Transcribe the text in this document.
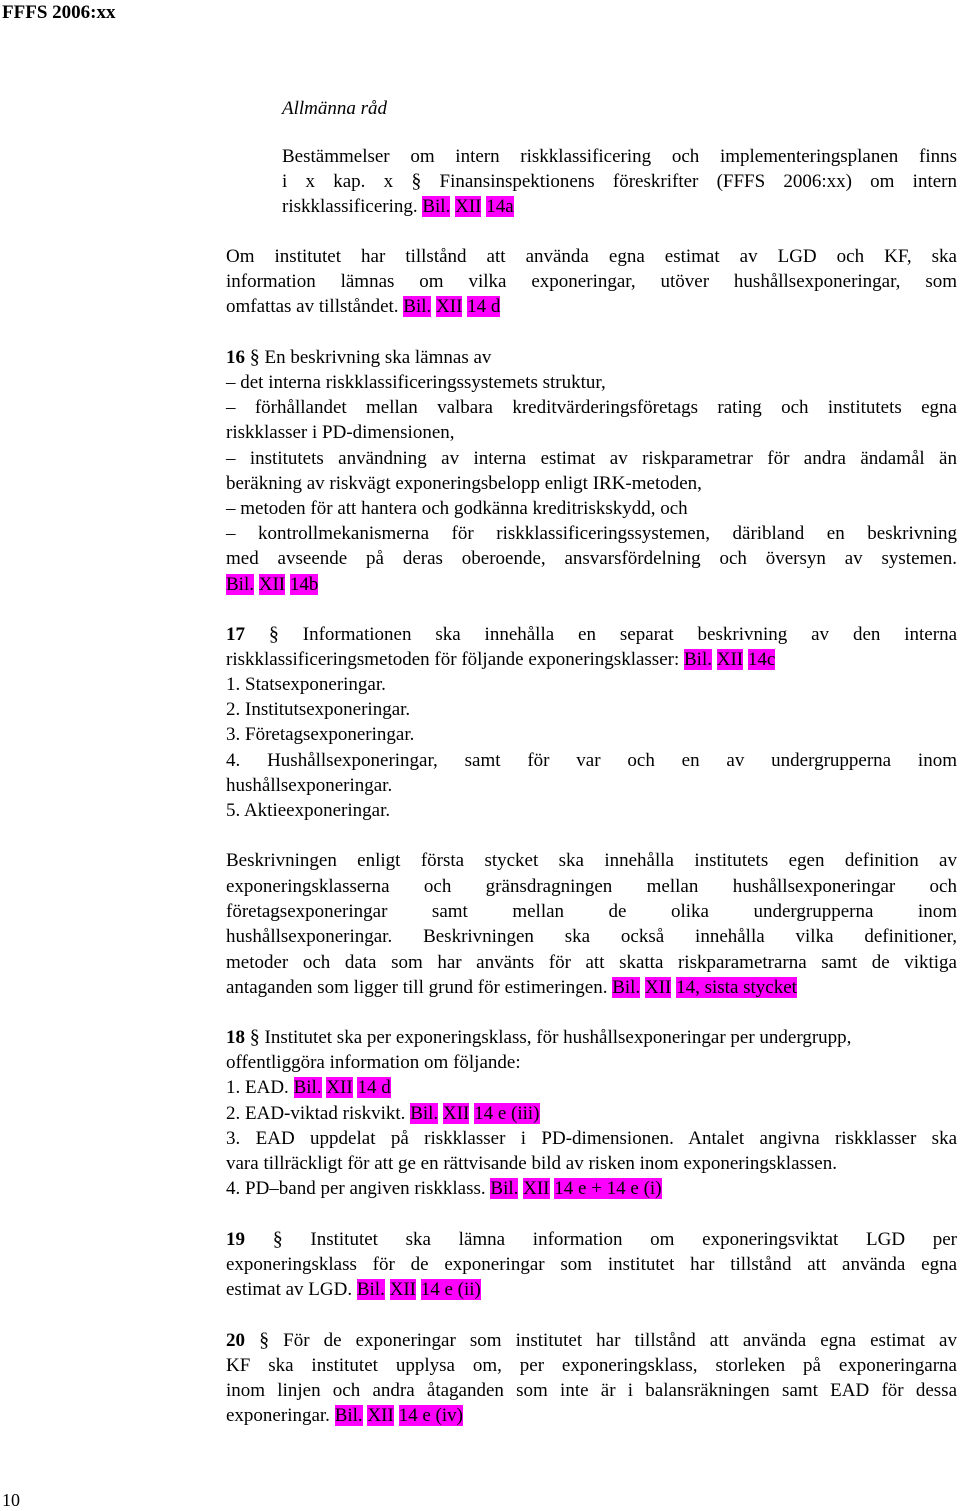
FFFS 2006:xx
Allmänna råd
Bestämmelser om intern riskklassificering och implementeringsplanen finns
i x kap. x § Finansinspektionens föreskrifter (FFFS 2006:xx) om intern
riskklassificering. Bil. XII 14a
Om institutet har tillstånd att använda egna estimat av LGD och KF, ska
information lämnas om vilka exponeringar, utöver hushållsexponeringar, som
omfattas av tillståndet. Bil. XII 14 d
16 § En beskrivning ska lämnas av
– det interna riskklassificeringssystemets struktur,
– förhållandet mellan valbara kreditvärderingsföretags rating och institutets egna
riskklasser i PD-dimensionen,
– institutets användning av interna estimat av riskparametrar för andra ändamål än
beräkning av riskvägt exponeringsbelopp enligt IRK-metoden,
– metoden för att hantera och godkänna kreditriskskydd, och
– kontrollmekanismerna för riskklassificeringssystemen, däribland en beskrivning
med avseende på deras oberoende, ansvarsfördelning och översyn av systemen.
Bil. XII 14b
17 § Informationen ska innehålla en separat beskrivning av den interna
riskklassificeringsmetoden för följande exponeringsklasser: Bil. XII 14c
1. Statsexponeringar.
2. Institutsexponeringar.
3. Företagsexponeringar.
4. Hushållsexponeringar, samt för var och en av undergrupperna inom
hushållsexponeringar.
5. Aktieexponeringar.
Beskrivningen enligt första stycket ska innehålla institutets egen definition av
exponeringsklasserna och gränsdragningen mellan hushållsexponeringar och
företagsexponeringar samt mellan de olika undergrupperna inom
hushållsexponeringar. Beskrivningen ska också innehålla vilka definitioner,
metoder och data som har använts för att skatta riskparametrarna samt de viktiga
antaganden som ligger till grund för estimeringen. Bil. XII 14, sista stycket
18 § Institutet ska per exponeringsklass, för hushållsexponeringar per undergrupp,
offentliggöra information om följande:
1. EAD. Bil. XII 14 d
2. EAD-viktad riskvikt. Bil. XII 14 e (iii)
3. EAD uppdelat på riskklasser i PD-dimensionen. Antalet angivna riskklasser ska
vara tillräckligt för att ge en rättvisande bild av risken inom exponeringsklassen.
4. PD–band per angiven riskklass. Bil. XII 14 e + 14 e (i)
19 § Institutet ska lämna information om exponeringsviktat LGD per
exponeringsklass för de exponeringar som institutet har tillstånd att använda egna
estimat av LGD. Bil. XII 14 e (ii)
20 § För de exponeringar som institutet har tillstånd att använda egna estimat av
KF ska institutet upplysa om, per exponeringsklass, storleken på exponeringarna
inom linjen och andra åtaganden som inte är i balansräkningen samt EAD för dessa
exponeringar. Bil. XII 14 e (iv)
10
